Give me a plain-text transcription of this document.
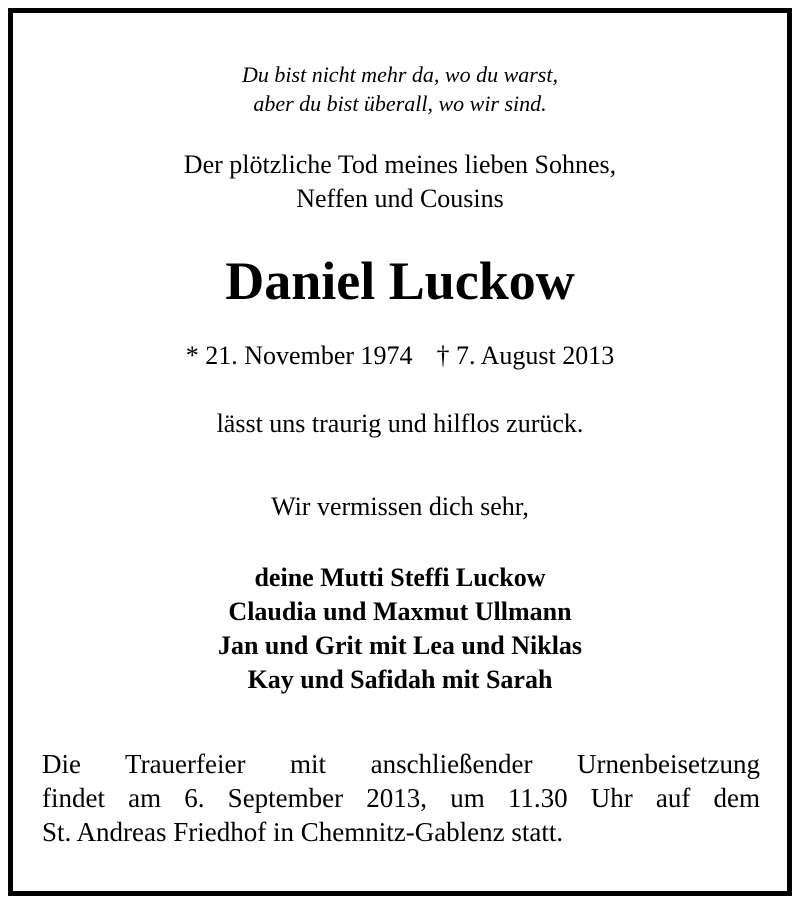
Du bist nicht mehr da, wo du warst,

aber du bist überall, wo wir sind.

Der plötzliche Tod meines lieben Sohnes,

Neffen und Cousins

Daniel Luckow

* 21. November 1974 † 7. August 2013

lässt uns traurig und hilflos zurück.

Wir vermissen dich sehr,

deine Mutti Steffi Luckow

Claudia und Maxmut Ullmann

Jan und Grit mit Lea und Niklas

Kay und Safidah mit Sarah

Die Trauerfeier mit anschließender Urnenbeisetzung
findet am 6. September 2013, um 11.30 Uhr auf dem
St. Andreas Friedhof in Chemnitz-Gablenz statt.
